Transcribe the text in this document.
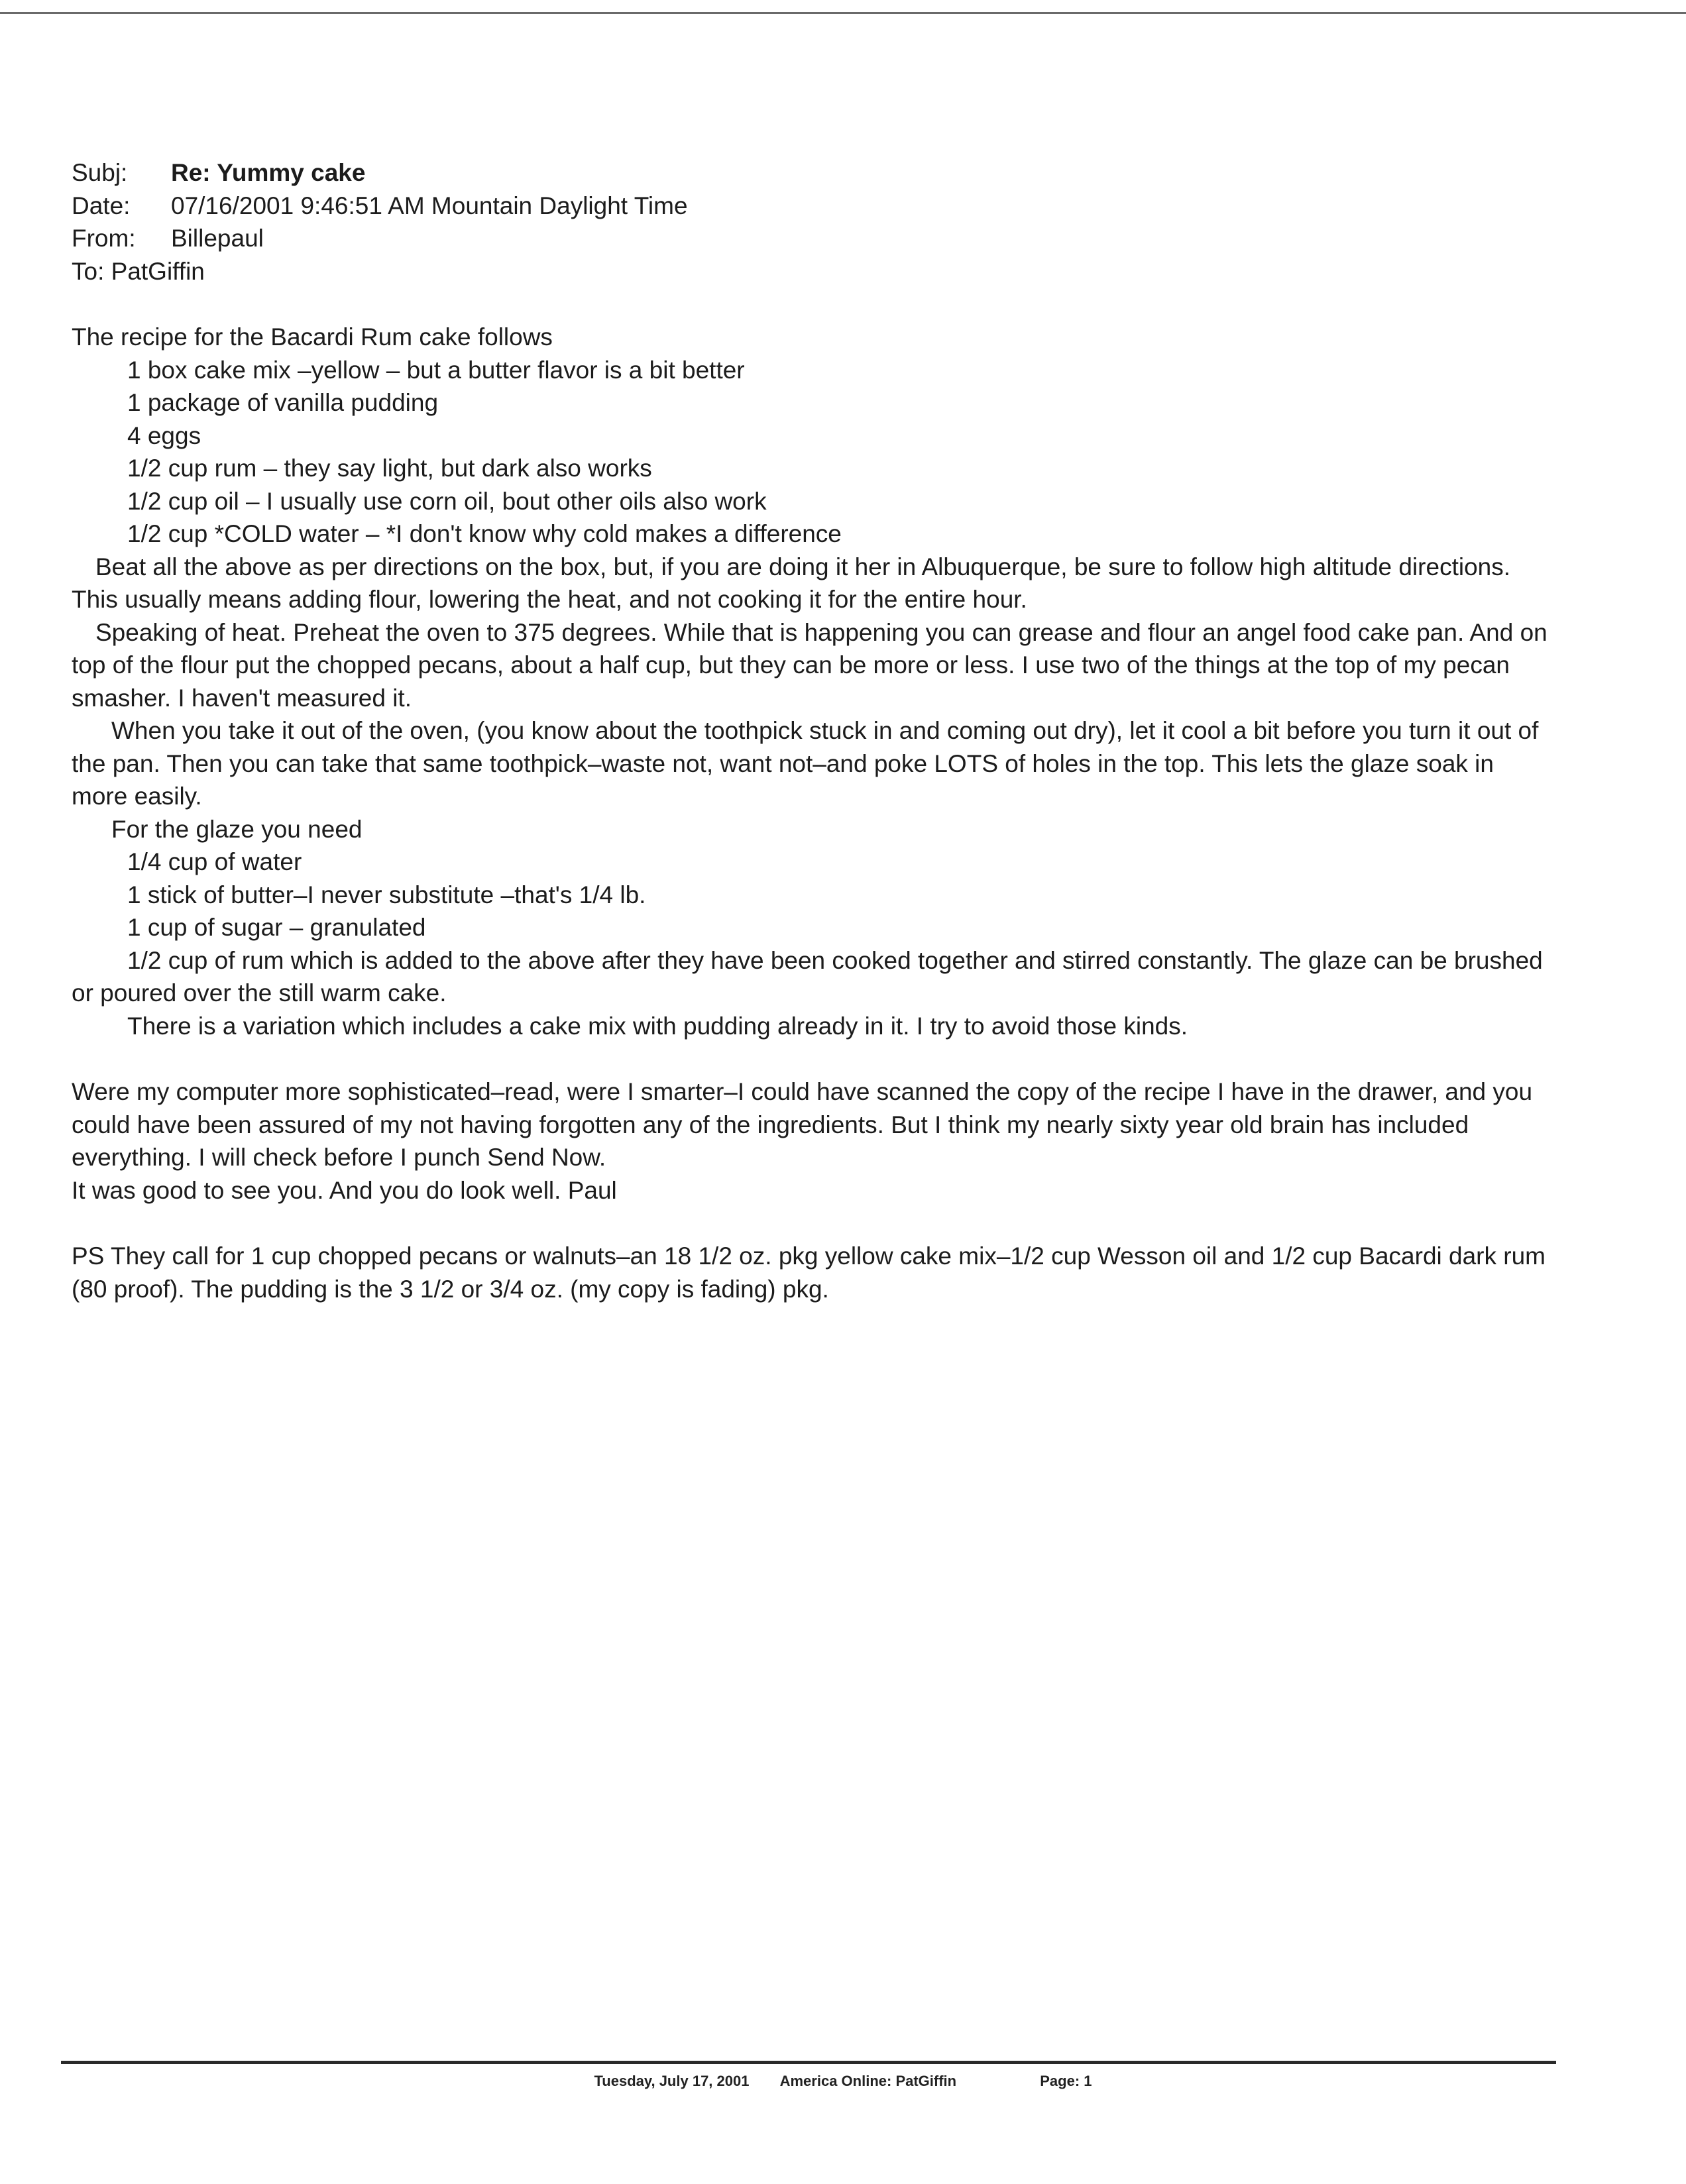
Subj: Re: Yummy cake
Date: 07/16/2001 9:46:51 AM Mountain Daylight Time
From: Billepaul
To: PatGiffin

The recipe for the Bacardi Rum cake follows

1 box cake mix –yellow – but a butter flavor is a bit better
1 package of vanilla pudding
4 eggs
1/2 cup rum – they say light, but dark also works
1/2 cup oil – I usually use corn oil, bout other oils also work
1/2 cup *COLD water – *I don't know why cold makes a difference

Beat all the above as per directions on the box, but, if you are doing it her in Albuquerque, be sure to follow high altitude directions. This usually means adding flour, lowering the heat, and not cooking it for the entire hour.

Speaking of heat. Preheat the oven to 375 degrees. While that is happening you can grease and flour an angel food cake pan. And on top of the flour put the chopped pecans, about a half cup, but they can be more or less. I use two of the things at the top of my pecan smasher. I haven't measured it.

When you take it out of the oven, (you know about the toothpick stuck in and coming out dry), let it cool a bit before you turn it out of the pan. Then you can take that same toothpick–waste not, want not–and poke LOTS of holes in the top. This lets the glaze soak in more easily.

For the glaze you need
1/4 cup of water
1 stick of butter–I never substitute –that's 1/4 lb.
1 cup of sugar – granulated

1/2 cup of rum which is added to the above after they have been cooked together and stirred constantly. The glaze can be brushed or poured over the still warm cake.

There is a variation which includes a cake mix with pudding already in it. I try to avoid those kinds.

Were my computer more sophisticated–read, were I smarter–I could have scanned the copy of the recipe I have in the drawer, and you could have been assured of my not having forgotten any of the ingredients. But I think my nearly sixty year old brain has included everything. I will check before I punch Send Now.

It was good to see you. And you do look well. Paul

PS They call for 1 cup chopped pecans or walnuts–an 18 1/2 oz. pkg yellow cake mix–1/2 cup Wesson oil and 1/2 cup Bacardi dark rum (80 proof). The pudding is the 3 1/2 or 3/4 oz. (my copy is fading) pkg.

Tuesday, July 17, 2001 America Online: PatGiffin	Page: 1
